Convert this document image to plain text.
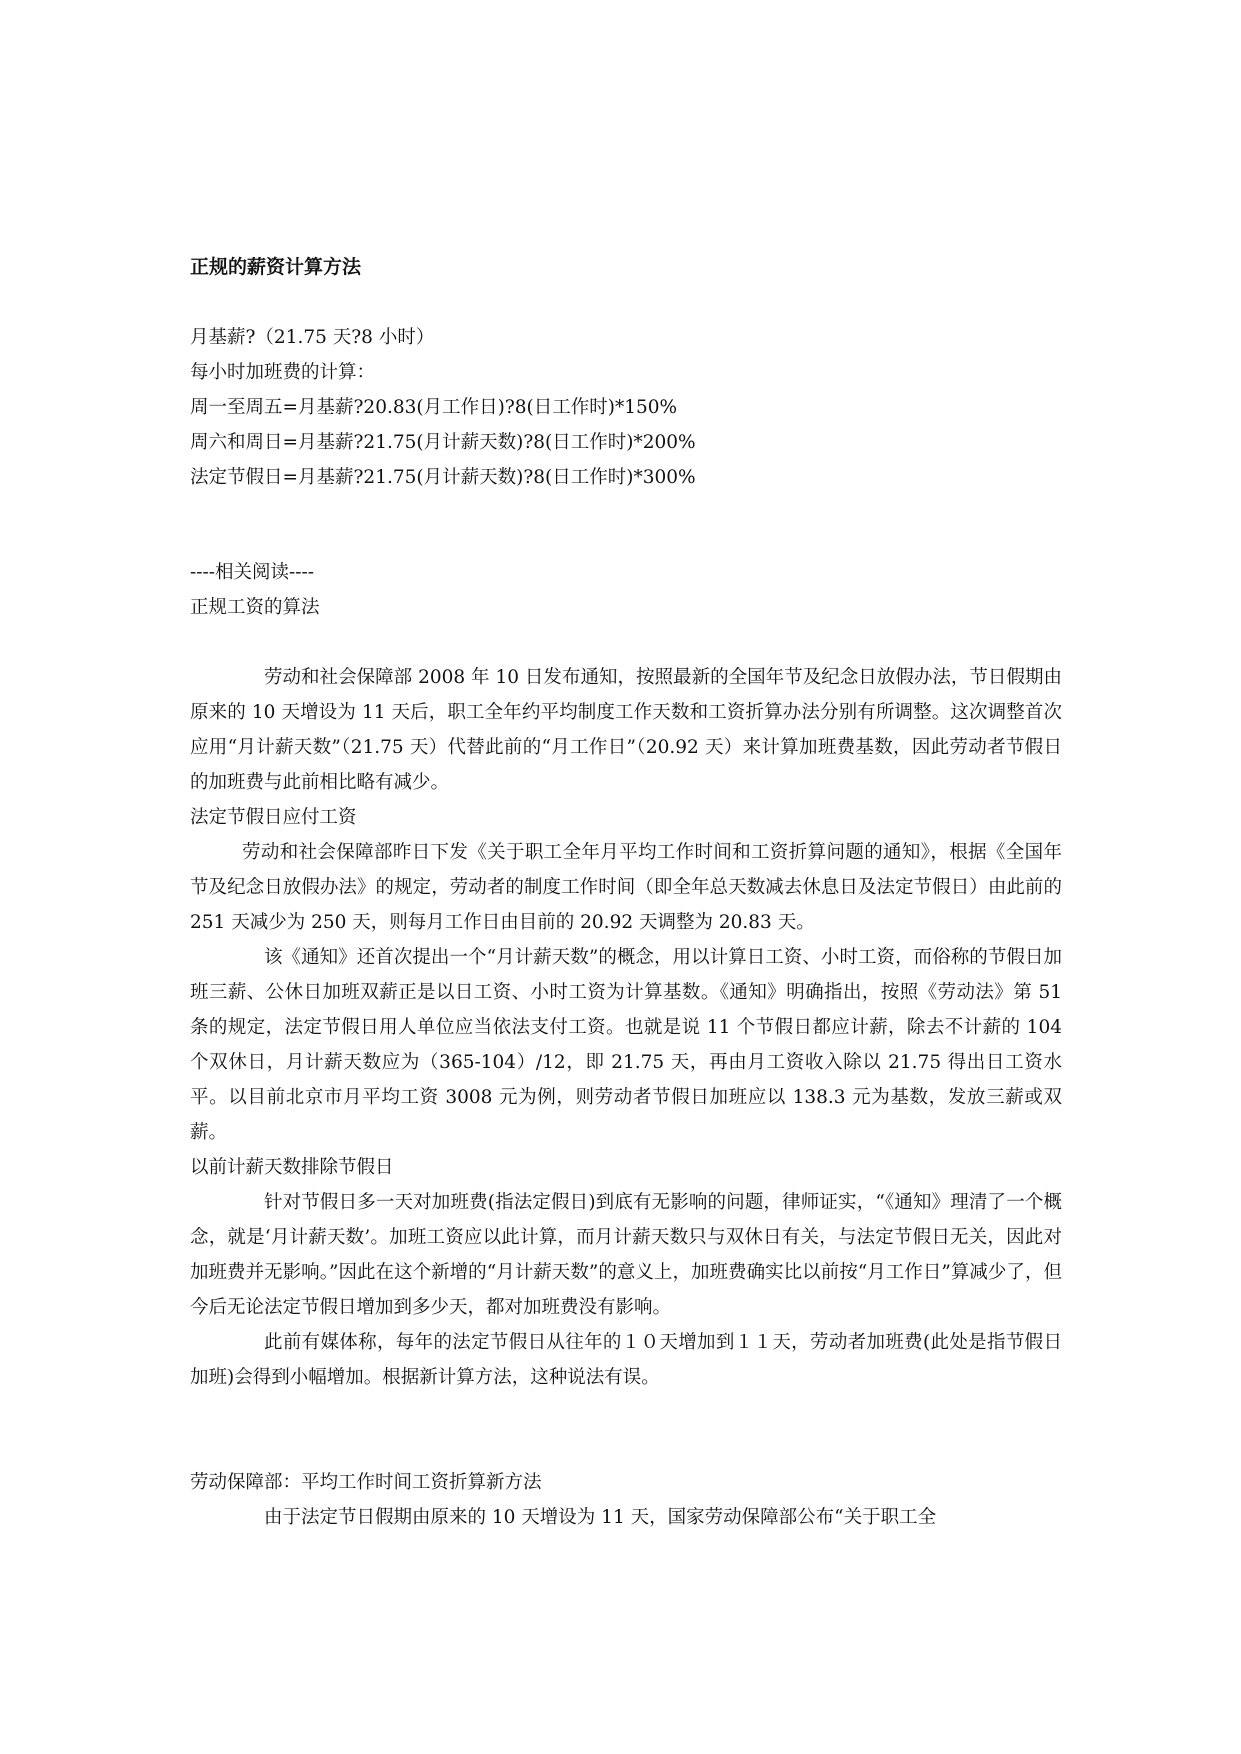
正规的薪资计算方法

月基薪?（21.75 天?8 小时）

每小时加班费的计算：

周一至周五=月基薪?20.83(月工作日)?8(日工作时)*150%

周六和周日=月基薪?21.75(月计薪天数)?8(日工作时)*200%

法定节假日=月基薪?21.75(月计薪天数)?8(日工作时)*300%

----相关阅读----

正规工资的算法

劳动和社会保障部 2008 年 10 日发布通知，按照最新的全国年节及纪念日放假办法，节日假期由原来的 10 天增设为 11 天后，职工全年约平均制度工作天数和工资折算办法分别有所调整。这次调整首次应用“月计薪天数”（21.75 天）代替此前的“月工作日”（20.92 天）来计算加班费基数，因此劳动者节假日的加班费与此前相比略有减少。

法定节假日应付工资

劳动和社会保障部昨日下发《关于职工全年月平均工作时间和工资折算问题的通知》，根据《全国年节及纪念日放假办法》的规定，劳动者的制度工作时间（即全年总天数减去休息日及法定节假日）由此前的 251 天减少为 250 天，则每月工作日由目前的 20.92 天调整为 20.83 天。

该《通知》还首次提出一个“月计薪天数”的概念，用以计算日工资、小时工资，而俗称的节假日加班三薪、公休日加班双薪正是以日工资、小时工资为计算基数。《通知》明确指出，按照《劳动法》第 51 条的规定，法定节假日用人单位应当依法支付工资。也就是说 11 个节假日都应计薪，除去不计薪的 104 个双休日，月计薪天数应为（365-104）/12，即 21.75 天，再由月工资收入除以 21.75 得出日工资水平。以目前北京市月平均工资 3008 元为例，则劳动者节假日加班应以 138.3 元为基数，发放三薪或双薪。

以前计薪天数排除节假日

针对节假日多一天对加班费(指法定假日)到底有无影响的问题，律师证实，“《通知》理清了一个概念，就是‘月计薪天数’。加班工资应以此计算，而月计薪天数只与双休日有关，与法定节假日无关，因此对加班费并无影响。”因此在这个新增的“月计薪天数”的意义上，加班费确实比以前按“月工作日”算减少了，但今后无论法定节假日增加到多少天，都对加班费没有影响。

此前有媒体称，每年的法定节假日从往年的１０天增加到１１天，劳动者加班费(此处是指节假日加班)会得到小幅增加。根据新计算方法，这种说法有误。

劳动保障部：平均工作时间工资折算新方法

由于法定节日假期由原来的 10 天增设为 11 天，国家劳动保障部公布“关于职工全
